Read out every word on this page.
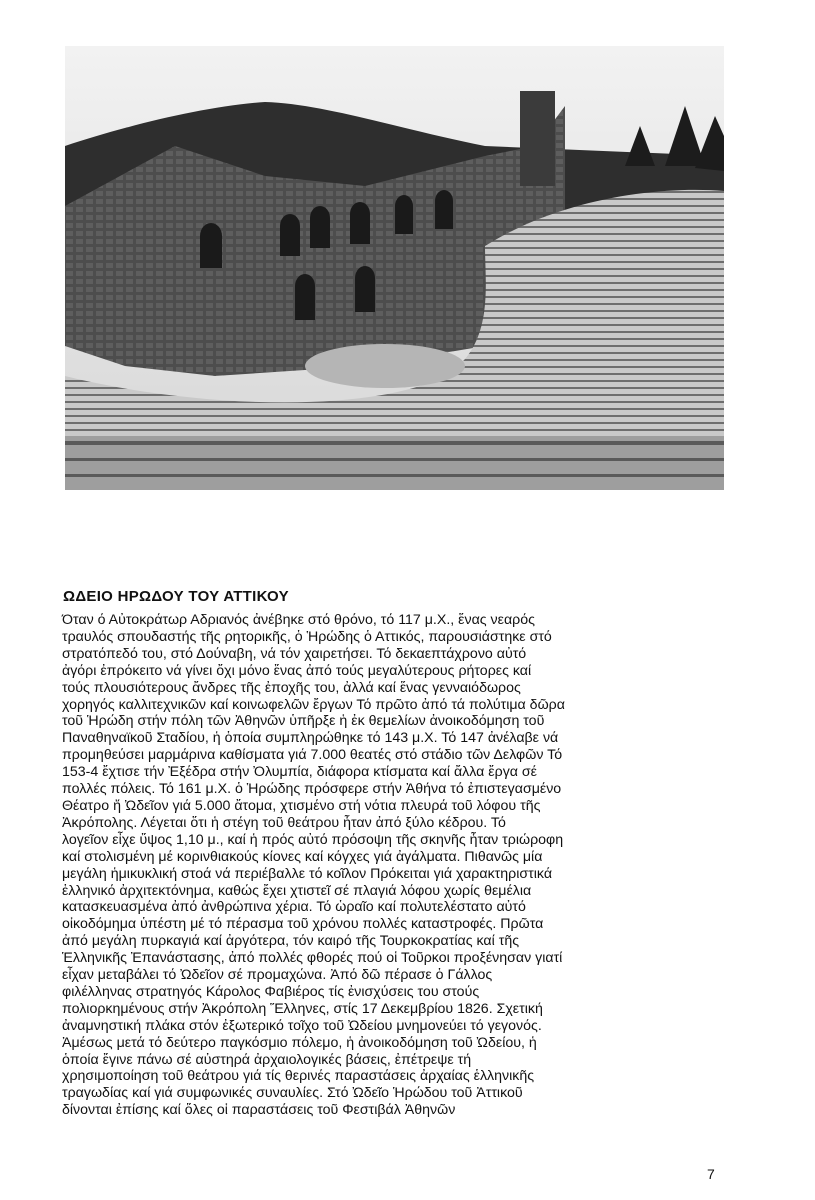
ΩΔΕΙΟ ΗΡΩΔΟΥ ΤΟΥ ΑΤΤΙΚΟΥ

Όταν ό Αὐτοκράτωρ Αδριανός ἀνέβηκε στό θρόνο, τό 117 μ.Χ., ἕνας νεαρός
τραυλός σπουδαστής τῆς ρητορικῆς, ὁ Ἡρώδης ὁ Αττικός, παρουσιάστηκε στό
στρατόπεδό του, στό Δούναβη, νά τόν χαιρετήσει. Τό δεκαεπτάχρονο αὐτό
ἀγόρι ἐπρόκειτο νά γίνει ὄχι μόνο ἕνας ἀπό τούς μεγαλύτερους ρήτορες καί
τούς πλουσιότερους ἄνδρες τῆς ἐποχῆς του, ἀλλά καί ἕνας γενναιόδωρος
χορηγός καλλιτεχνικῶν καί κοινωφελῶν ἔργων Τό πρῶτο ἀπό τά πολύτιμα δῶρα
τοῦ Ἡρώδη στήν πόλη τῶν Ἀθηνῶν ὑπῆρξε ἡ ἐκ θεμελίων ἀνοικοδόμηση τοῦ
Παναθηναϊκοῦ Σταδίου, ἡ ὁποία συμπληρώθηκε τό 143 μ.Χ. Τό 147 ἀνέλαβε νά
προμηθεύσει μαρμάρινα καθίσματα γιά 7.000 θεατές στό στάδιο τῶν Δελφῶν Τό
153-4 ἔχτισε τήν Ἐξέδρα στήν Ὀλυμπία, διάφορα κτίσματα καί ἄλλα ἔργα σέ
πολλές πόλεις. Τό 161 μ.Χ. ὁ Ἡρώδης πρόσφερε στήν Ἀθήνα τό ἐπιστεγασμένο
Θέατρο ἤ Ὠδεῖον γιά 5.000 ἄτομα, χτισμένο στή νότια πλευρά τοῦ λόφου τῆς
Ἀκρόπολης. Λέγεται ὅτι ἡ στέγη τοῦ θεάτρου ἦταν ἀπό ξύλο κέδρου. Τό
λογεῖον εἶχε ὕψος 1,10 μ., καί ἡ πρός αὐτό πρόσοψη τῆς σκηνῆς ἦταν τριώροφη
καί στολισμένη μέ κορινθιακούς κίονες καί κόγχες γιά ἀγάλματα. Πιθανῶς μία
μεγάλη ἡμικυκλική στοά νά περιέβαλλε τό κοῖλον Πρόκειται γιά χαρακτηριστικά
ἑλληνικό ἀρχιτεκτόνημα, καθώς ἔχει χτιστεῖ σέ πλαγιά λόφου χωρίς θεμέλια
κατασκευασμένα ἀπό ἀνθρώπινα χέρια. Τό ὡραῖο καί πολυτελέστατο αὐτό
οἰκοδόμημα ὑπέστη μέ τό πέρασμα τοῦ χρόνου πολλές καταστροφές. Πρῶτα
ἀπό μεγάλη πυρκαγιά καί ἀργότερα, τόν καιρό τῆς Τουρκοκρατίας καί τῆς
Ἑλληνικῆς Ἐπανάστασης, ἀπό πολλές φθορές πού οἱ Τοῦρκοι προξένησαν γιατί
εἶχαν μεταβάλει τό Ὠδεῖον σέ προμαχώνα. Ἀπό δῶ πέρασε ὁ Γάλλος
φιλέλληνας στρατηγός Κάρολος Φαβιέρος τίς ἐνισχύσεις του στούς
πολιορκημένους στήν Ἀκρόπολη Ἕλληνες, στίς 17 Δεκεμβρίου 1826. Σχετική
ἀναμνηστική πλάκα στόν ἐξωτερικό τοῖχο τοῦ Ὠδείου μνημονεύει τό γεγονός.
Ἀμέσως μετά τό δεύτερο παγκόσμιο πόλεμο, ἡ ἀνοικοδόμηση τοῦ Ὠδείου, ἡ
ὁποία ἔγινε πάνω σέ αὐστηρά ἀρχαιολογικές βάσεις, ἐπέτρεψε τή
χρησιμοποίηση τοῦ θεάτρου γιά τίς θερινές παραστάσεις ἀρχαίας ἑλληνικῆς
τραγωδίας καί γιά συμφωνικές συναυλίες. Στό Ὠδεῖο Ἡρώδου τοῦ Ἀττικοῦ
δίνονται ἐπίσης καί ὅλες οἱ παραστάσεις τοῦ Φεστιβάλ Ἀθηνῶν

7
